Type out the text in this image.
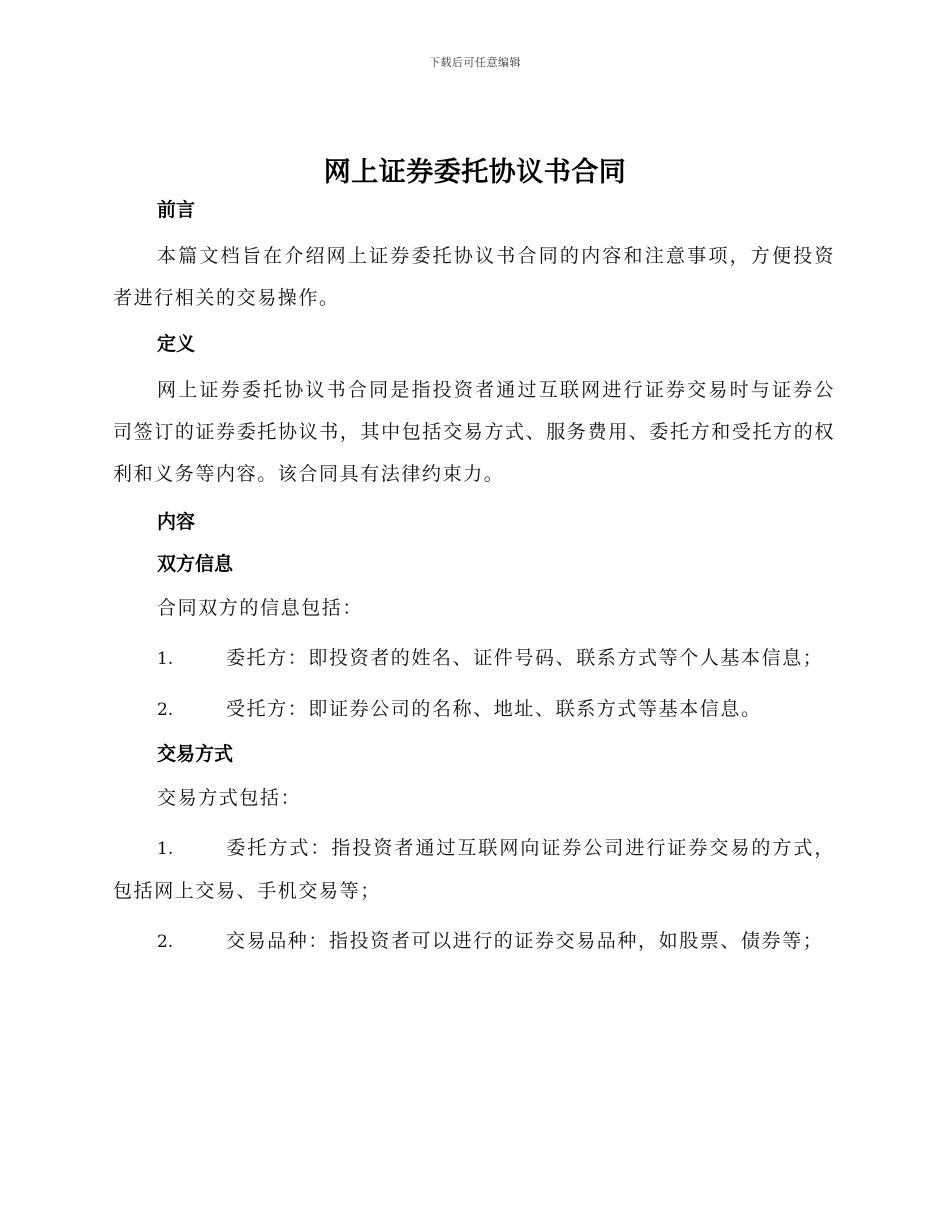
下载后可任意编辑
网上证券委托协议书合同
前言
本篇文档旨在介绍网上证券委托协议书合同的内容和注意事项，方便投资者进行相关的交易操作。
定义
网上证券委托协议书合同是指投资者通过互联网进行证券交易时与证券公司签订的证券委托协议书，其中包括交易方式、服务费用、委托方和受托方的权利和义务等内容。该合同具有法律约束力。
内容
双方信息
合同双方的信息包括：
1.	委托方：即投资者的姓名、证件号码、联系方式等个人基本信息；
2.	受托方：即证券公司的名称、地址、联系方式等基本信息。
交易方式
交易方式包括：
1.	委托方式：指投资者通过互联网向证券公司进行证券交易的方式，包括网上交易、手机交易等；
2.	交易品种：指投资者可以进行的证券交易品种，如股票、债券等；
